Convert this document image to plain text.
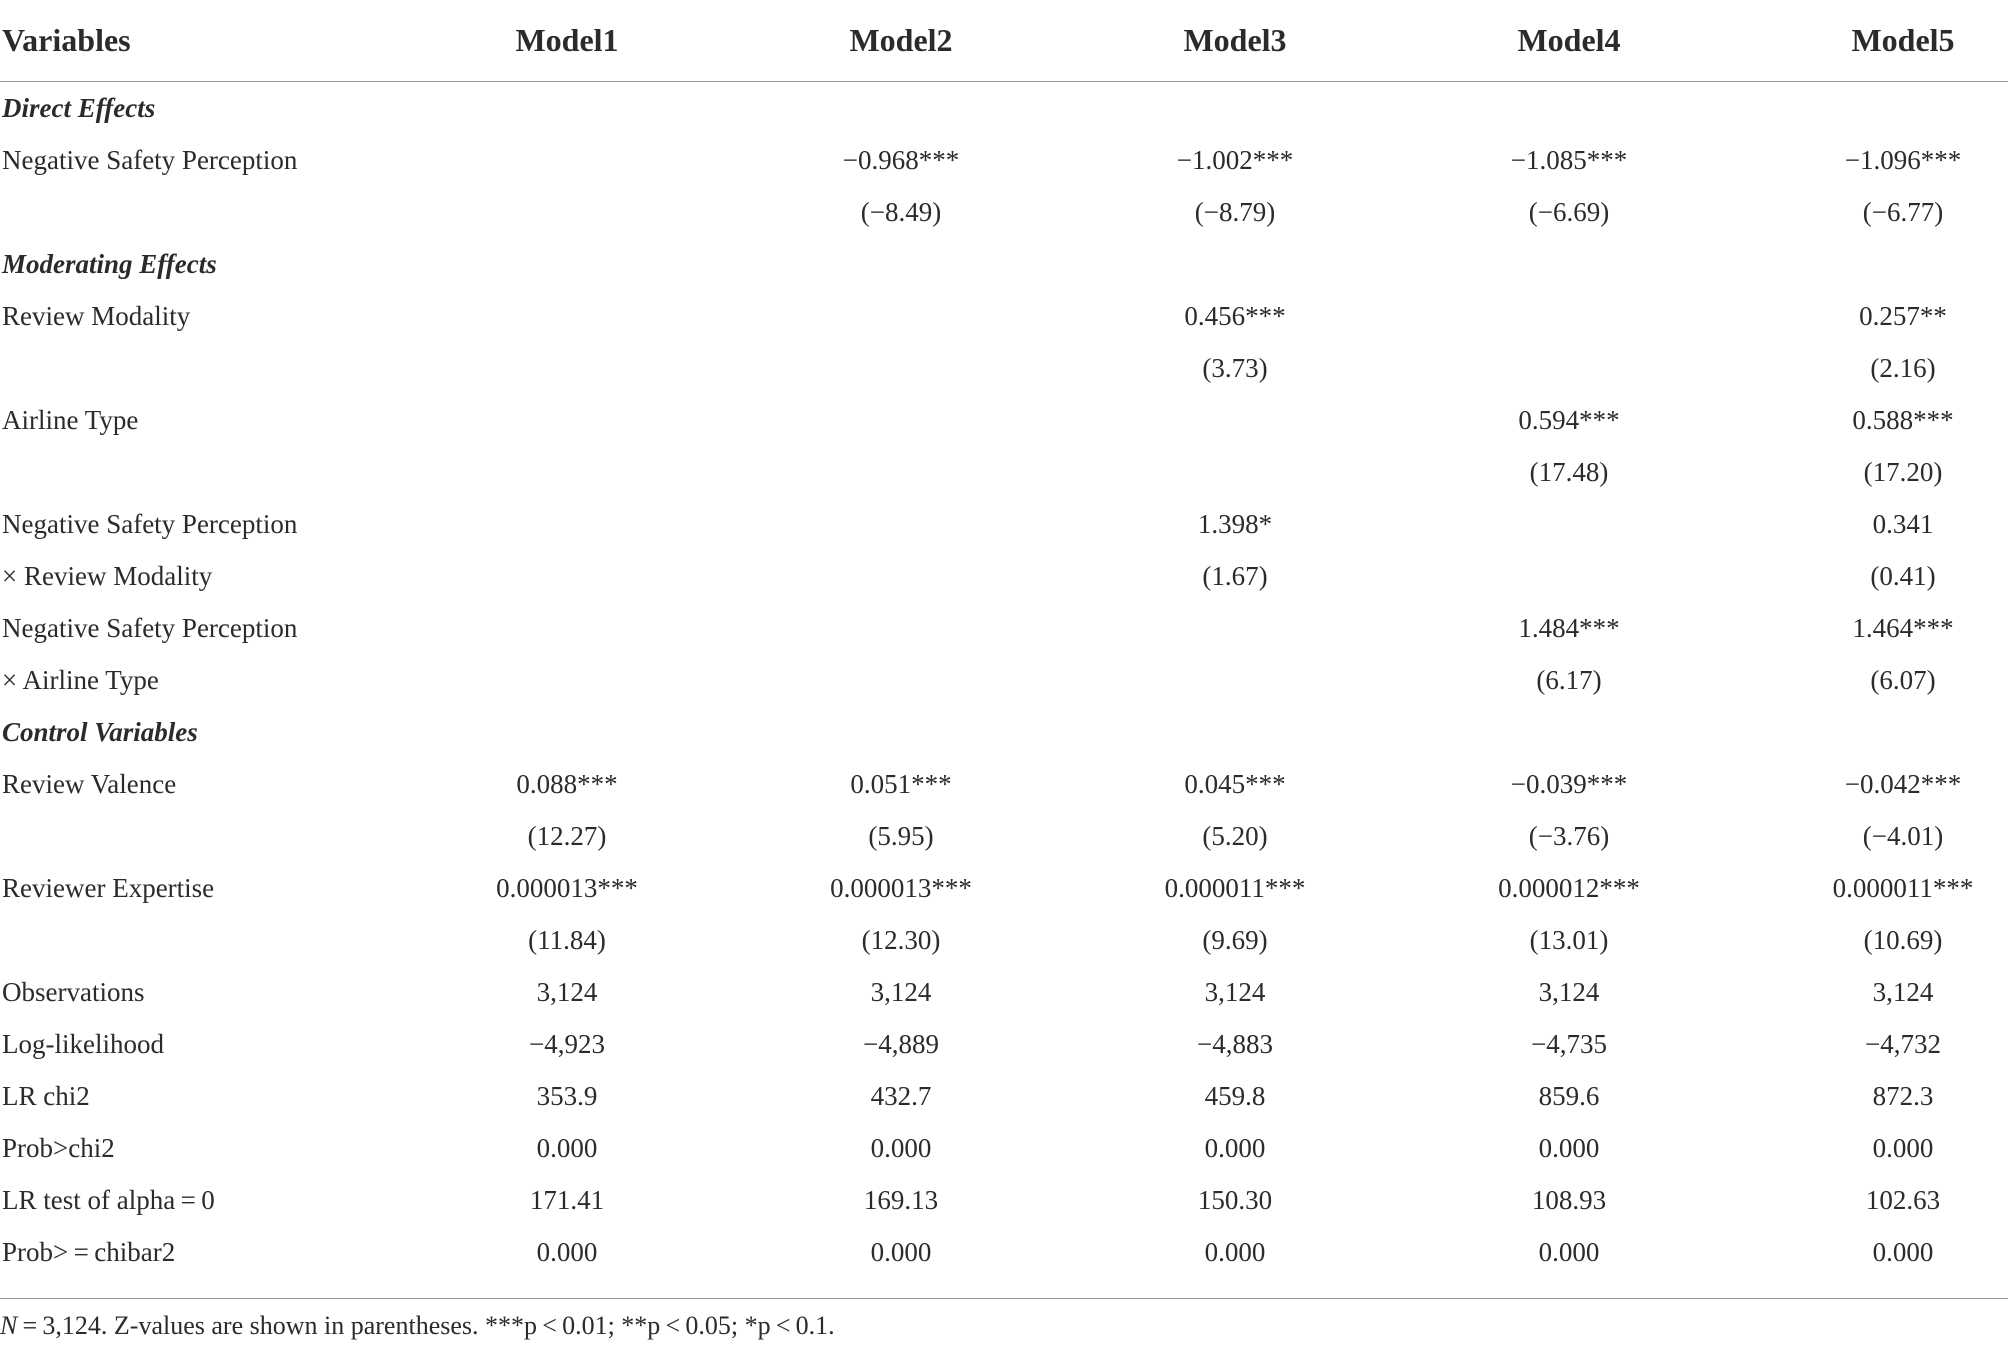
Variables	Model1	Model2	Model3	Model4	Model5
Direct Effects					
Negative Safety Perception		−0.968***	−1.002***	−1.085***	−1.096***
		(−8.49)	(−8.79)	(−6.69)	(−6.77)
Moderating Effects					
Review Modality			0.456***		0.257**
			(3.73)		(2.16)
Airline Type				0.594***	0.588***
				(17.48)	(17.20)
Negative Safety Perception			1.398*		0.341
× Review Modality			(1.67)		(0.41)
Negative Safety Perception				1.484***	1.464***
× Airline Type				(6.17)	(6.07)
Control Variables					
Review Valence	0.088***	0.051***	0.045***	−0.039***	−0.042***
	(12.27)	(5.95)	(5.20)	(−3.76)	(−4.01)
Reviewer Expertise	0.000013***	0.000013***	0.000011***	0.000012***	0.000011***
	(11.84)	(12.30)	(9.69)	(13.01)	(10.69)
Observations	3,124	3,124	3,124	3,124	3,124
Log-likelihood	−4,923	−4,889	−4,883	−4,735	−4,732
LR chi2	353.9	432.7	459.8	859.6	872.3
Prob>chi2	0.000	0.000	0.000	0.000	0.000
LR test of alpha = 0	171.41	169.13	150.30	108.93	102.63
Prob> = chibar2	0.000	0.000	0.000	0.000	0.000
N = 3,124. Z-values are shown in parentheses. ***p < 0.01; **p < 0.05; *p < 0.1.
